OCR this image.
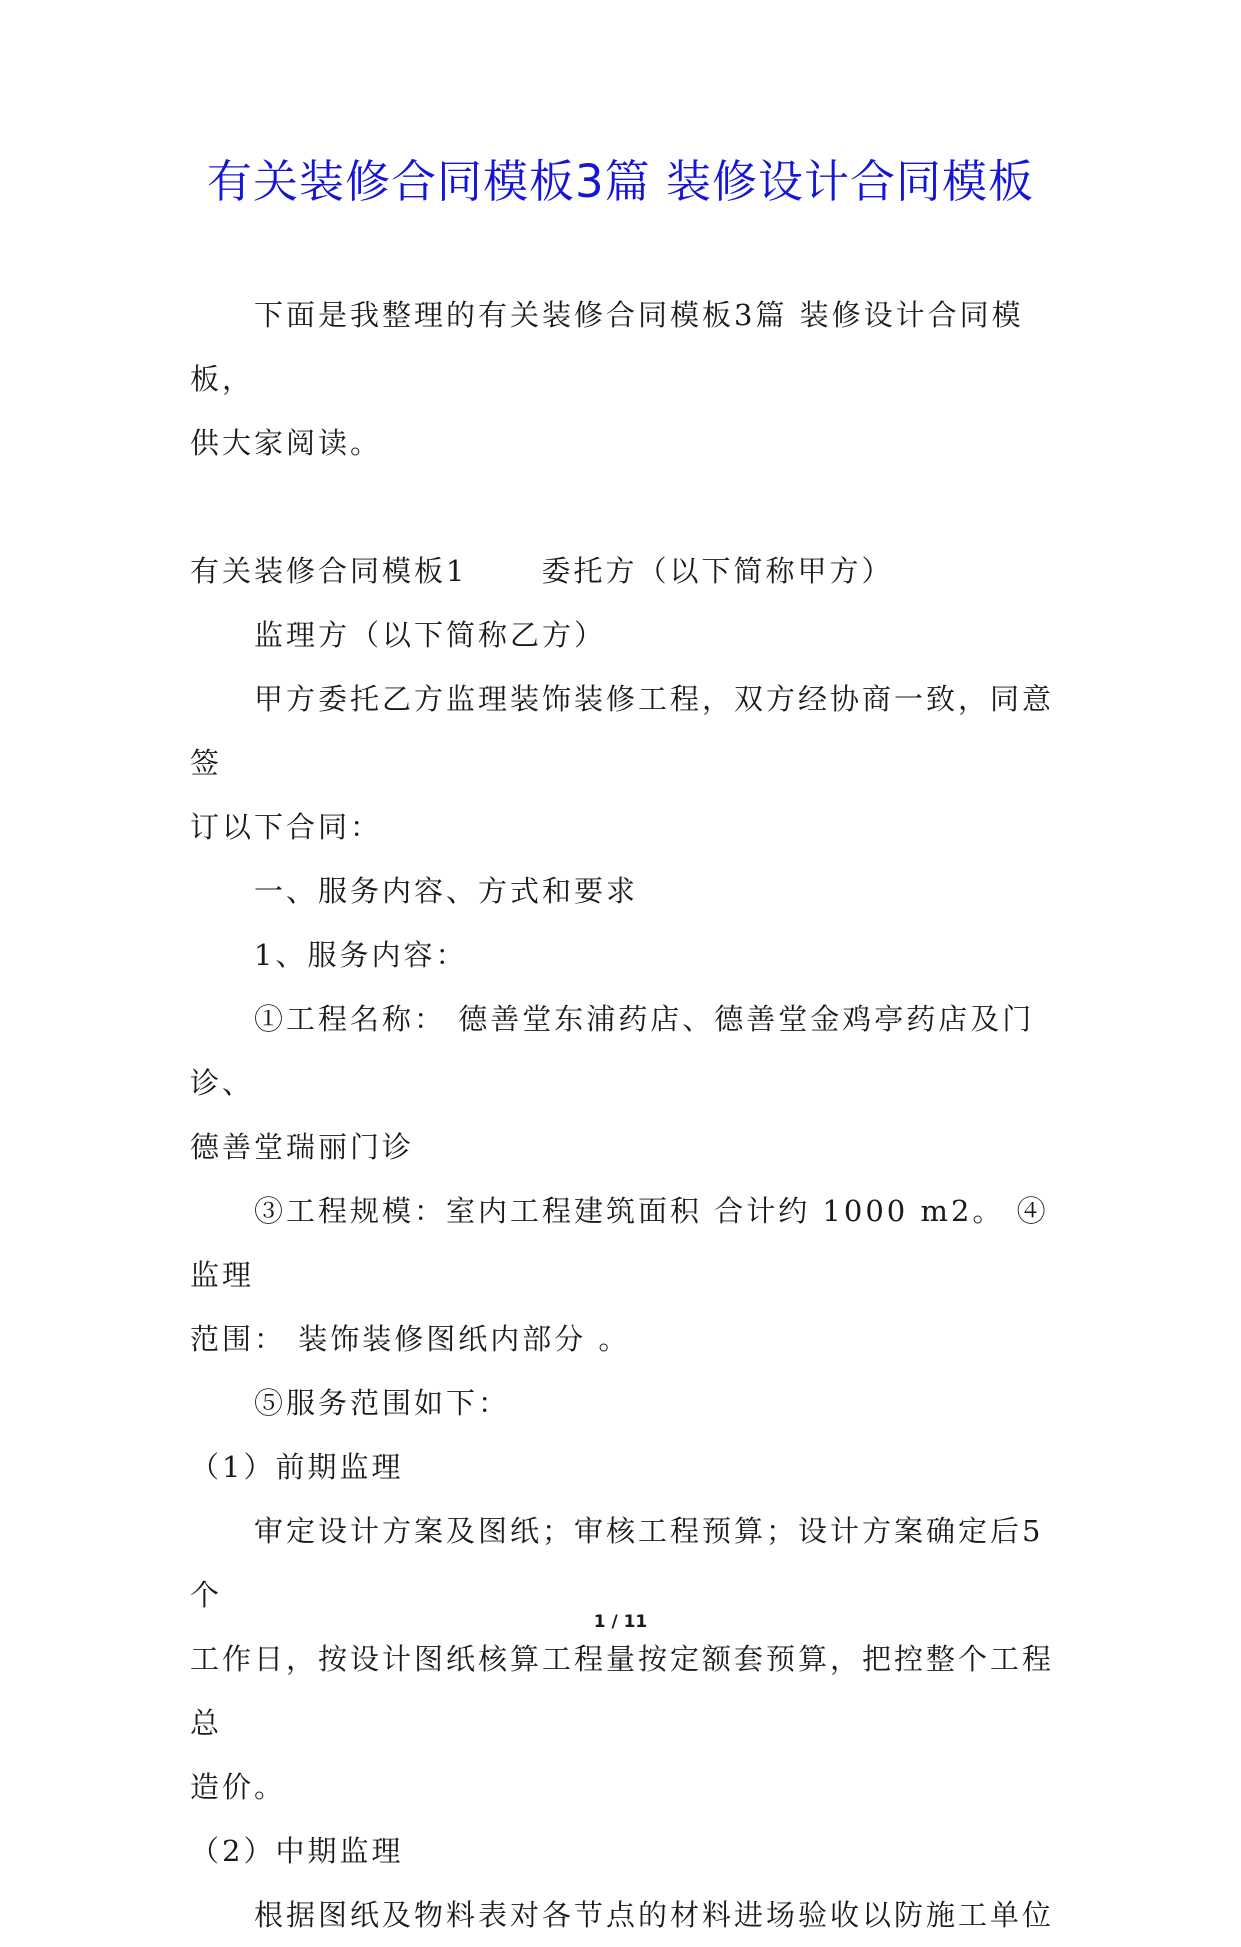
有关装修合同模板3篇 装修设计合同模板

下面是我整理的有关装修合同模板3篇 装修设计合同模板，

供大家阅读。

有关装修合同模板1	委托方（以下简称甲方）

监理方（以下简称乙方）

甲方委托乙方监理装饰装修工程，双方经协商一致，同意签

订以下合同：

一、服务内容、方式和要求

1、服务内容：

①工程名称： 德善堂东浦药店、德善堂金鸡亭药店及门诊、

德善堂瑞丽门诊

③工程规模：室内工程建筑面积 合计约 1000 m2。 ④监理

范围： 装饰装修图纸内部分 。

⑤服务范围如下：

（1）前期监理

审定设计方案及图纸；审核工程预算；设计方案确定后5个

工作日，按设计图纸核算工程量按定额套预算，把控整个工程总

造价。

（2）中期监理

根据图纸及物料表对各节点的材料进场验收以防施工单位

1 / 11
